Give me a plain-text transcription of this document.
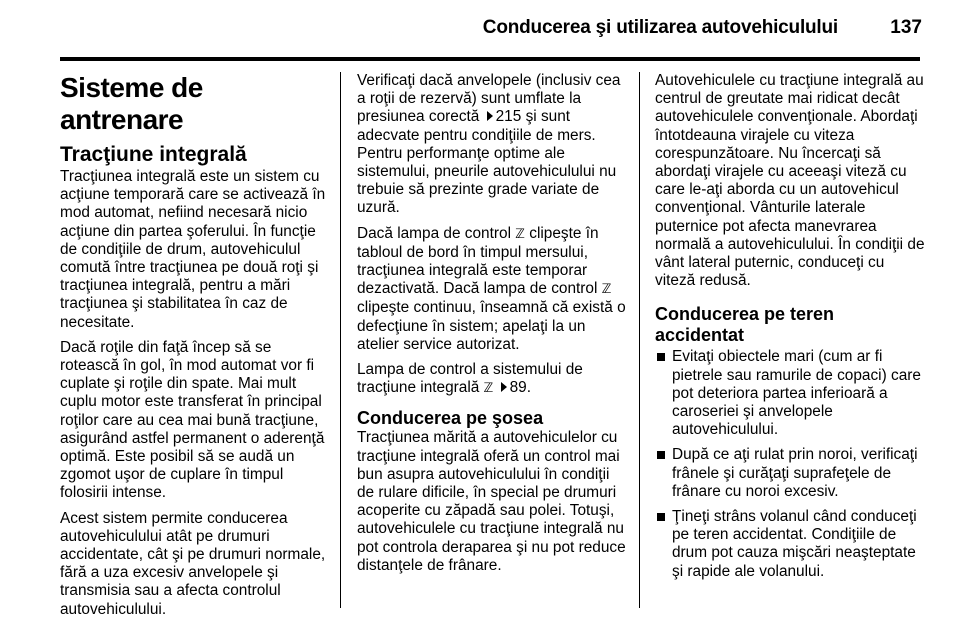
Conducerea şi utilizarea autovehiculului	137
Sisteme de antrenare
Tracţiune integrală

Tracţiunea integrală este un sistem cu acţiune temporară care se activează în mod automat, nefiind necesară nicio acţiune din partea şoferului. În funcţie de condiţiile de drum, autovehiculul comută între tracţiunea pe două roţi şi tracţiunea integrală, pentru a mări tracţiunea şi stabilitatea în caz de necesitate.

Dacă roţile din faţă încep să se rotească în gol, în mod automat vor fi cuplate şi roţile din spate. Mai mult cuplu motor este transferat în principal roţilor care au cea mai bună tracţiune, asigurând astfel permanent o aderenţă optimă. Este posibil să se audă un zgomot uşor de cuplare în timpul folosirii intense.

Acest sistem permite conducerea autovehiculului atât pe drumuri accidentate, cât şi pe drumuri normale, fără a uza excesiv anvelopele şi transmisia sau a afecta controlul autovehiculului.

Verificaţi dacă anvelopele (inclusiv cea a roţii de rezervă) sunt umflate la presiunea corectă 215 şi sunt adecvate pentru condiţiile de mers. Pentru performanţe optime ale sistemului, pneurile autovehiculului nu trebuie să prezinte grade variate de uzură.

Dacă lampa de control ℤ clipeşte în tabloul de bord în timpul mersului, tracţiunea integrală este temporar dezactivată. Dacă lampa de control ℤ clipeşte continuu, înseamnă că există o defecţiune în sistem; apelaţi la un atelier service autorizat.

Lampa de control a sistemului de tracţiune integrală ℤ 89.

Conducerea pe şosea

Tracţiunea mărită a autovehiculelor cu tracţiune integrală oferă un control mai bun asupra autovehiculului în condiţii de rulare dificile, în special pe drumuri acoperite cu zăpadă sau polei. Totuşi, autovehiculele cu tracţiune integrală nu pot controla deraparea şi nu pot reduce distanţele de frânare.

Autovehiculele cu tracţiune integrală au centrul de greutate mai ridicat decât autovehiculele convenţionale. Abordaţi întotdeauna virajele cu viteza corespunzătoare. Nu încercaţi să abordaţi virajele cu aceeaşi viteză cu care le-aţi aborda cu un autovehicul convenţional. Vânturile laterale puternice pot afecta manevrarea normală a autovehiculului. În condiţii de vânt lateral puternic, conduceţi cu viteză redusă.

Conducerea pe teren accidentat
Evitaţi obiectele mari (cum ar fi pietrele sau ramurile de copaci) care pot deteriora partea inferioară a caroseriei şi anvelopele autovehiculului.
După ce aţi rulat prin noroi, verificaţi frânele şi curăţaţi suprafeţele de frânare cu noroi excesiv.
Ţineţi strâns volanul când conduceţi pe teren accidentat. Condiţiile de drum pot cauza mişcări neaşteptate şi rapide ale volanului.
